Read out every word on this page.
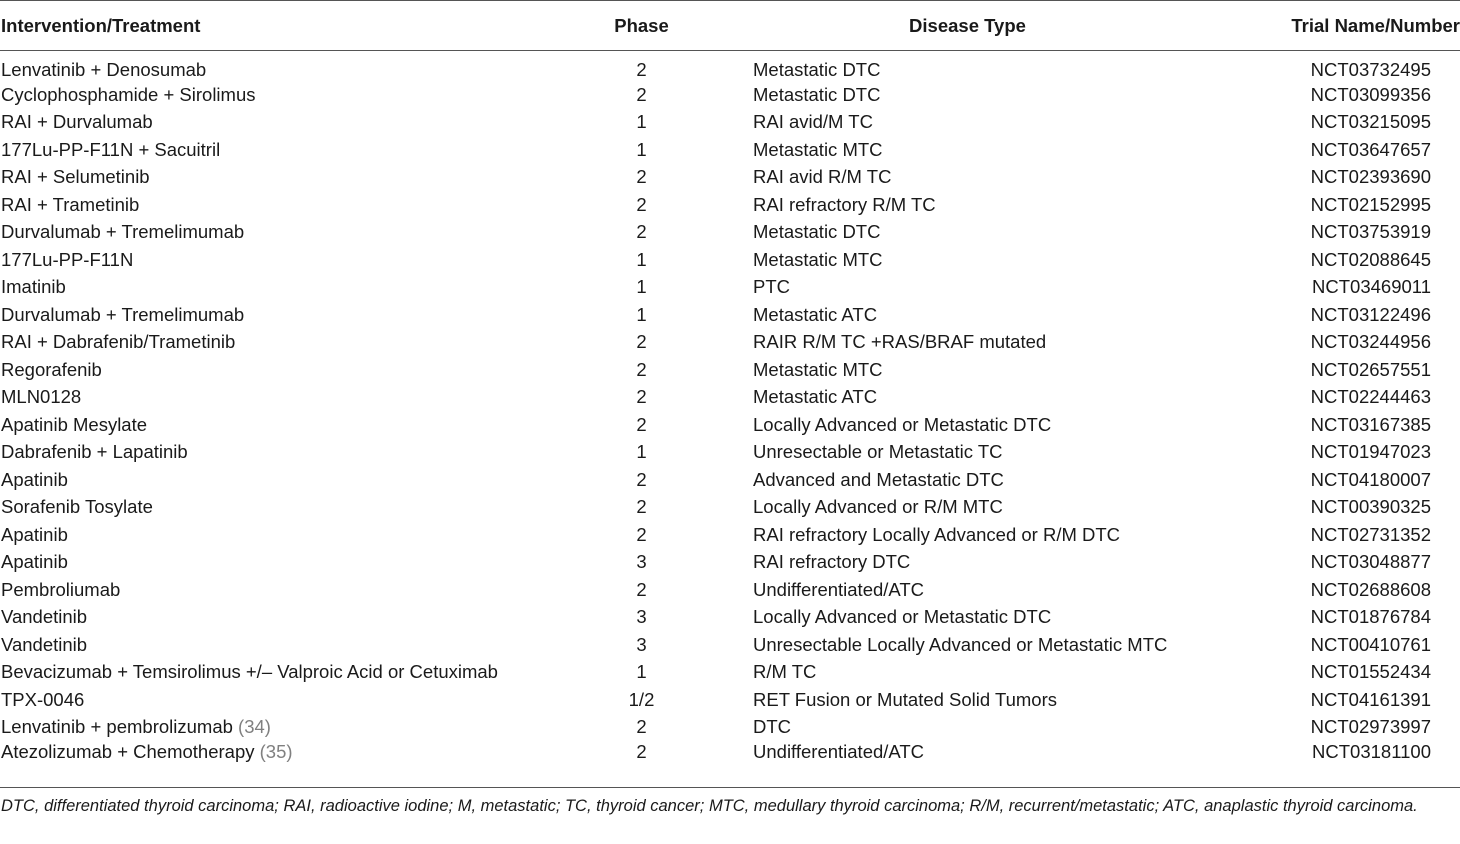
Intervention/Treatment	Phase	Disease Type	Trial Name/Number
Lenvatinib + Denosumab	2	Metastatic DTC	NCT03732495
Cyclophosphamide + Sirolimus	2	Metastatic DTC	NCT03099356
RAI + Durvalumab	1	RAI avid/M TC	NCT03215095
177Lu-PP-F11N + Sacuitril	1	Metastatic MTC	NCT03647657
RAI + Selumetinib	2	RAI avid R/M TC	NCT02393690
RAI + Trametinib	2	RAI refractory R/M TC	NCT02152995
Durvalumab + Tremelimumab	2	Metastatic DTC	NCT03753919
177Lu-PP-F11N	1	Metastatic MTC	NCT02088645
Imatinib	1	PTC	NCT03469011
Durvalumab + Tremelimumab	1	Metastatic ATC	NCT03122496
RAI + Dabrafenib/Trametinib	2	RAIR R/M TC +RAS/BRAF mutated	NCT03244956
Regorafenib	2	Metastatic MTC	NCT02657551
MLN0128	2	Metastatic ATC	NCT02244463
Apatinib Mesylate	2	Locally Advanced or Metastatic DTC	NCT03167385
Dabrafenib + Lapatinib	1	Unresectable or Metastatic TC	NCT01947023
Apatinib	2	Advanced and Metastatic DTC	NCT04180007
Sorafenib Tosylate	2	Locally Advanced or R/M MTC	NCT00390325
Apatinib	2	RAI refractory Locally Advanced or R/M DTC	NCT02731352
Apatinib	3	RAI refractory DTC	NCT03048877
Pembroliumab	2	Undifferentiated/ATC	NCT02688608
Vandetinib	3	Locally Advanced or Metastatic DTC	NCT01876784
Vandetinib	3	Unresectable Locally Advanced or Metastatic MTC	NCT00410761
Bevacizumab + Temsirolimus +/– Valproic Acid or Cetuximab	1	R/M TC	NCT01552434
TPX-0046	1/2	RET Fusion or Mutated Solid Tumors	NCT04161391
Lenvatinib + pembrolizumab (34)	2	DTC	NCT02973997
Atezolizumab + Chemotherapy (35)	2	Undifferentiated/ATC	NCT03181100
DTC, differentiated thyroid carcinoma; RAI, radioactive iodine; M, metastatic; TC, thyroid cancer; MTC, medullary thyroid carcinoma; R/M, recurrent/metastatic; ATC, anaplastic thyroid carcinoma.
